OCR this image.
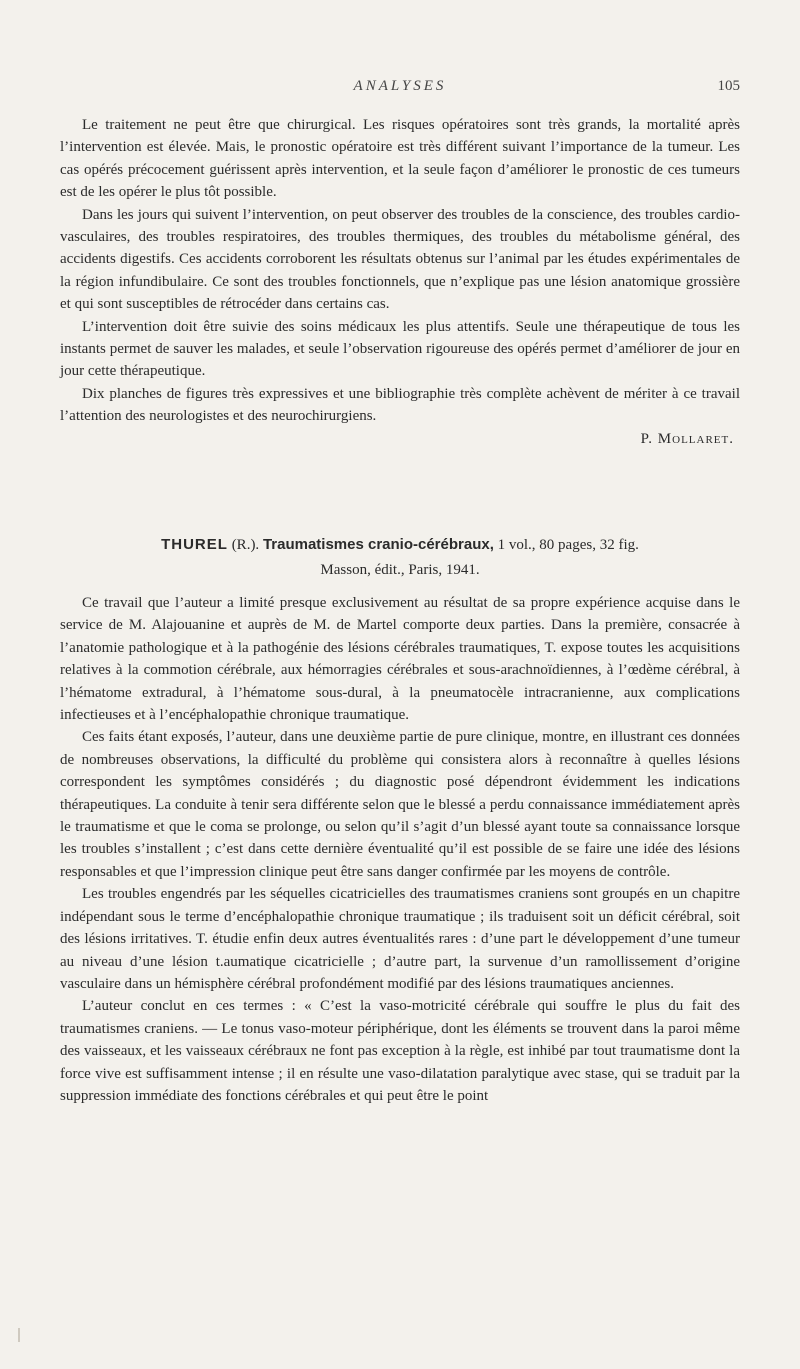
ANALYSES	105

Le traitement ne peut être que chirurgical. Les risques opératoires sont très grands, la mortalité après l’intervention est élevée. Mais, le pronostic opératoire est très différent suivant l’importance de la tumeur. Les cas opérés précocement guérissent après intervention, et la seule façon d’améliorer le pronostic de ces tumeurs est de les opérer le plus tôt possible.

Dans les jours qui suivent l’intervention, on peut observer des troubles de la conscience, des troubles cardio-vasculaires, des troubles respiratoires, des troubles thermiques, des troubles du métabolisme général, des accidents digestifs. Ces accidents corroborent les résultats obtenus sur l’animal par les études expérimentales de la région infundibulaire. Ce sont des troubles fonctionnels, que n’explique pas une lésion anatomique grossière et qui sont susceptibles de rétrocéder dans certains cas.

L’intervention doit être suivie des soins médicaux les plus attentifs. Seule une thérapeutique de tous les instants permet de sauver les malades, et seule l’observation rigoureuse des opérés permet d’améliorer de jour en jour cette thérapeutique.

Dix planches de figures très expressives et une bibliographie très complète achèvent de mériter à ce travail l’attention des neurologistes et des neurochirurgiens.

P. Mollaret.
THUREL (R.). Traumatismes cranio-cérébraux, 1 vol., 80 pages, 32 fig.
Masson, édit., Paris, 1941.

Ce travail que l’auteur a limité presque exclusivement au résultat de sa propre expérience acquise dans le service de M. Alajouanine et auprès de M. de Martel comporte deux parties. Dans la première, consacrée à l’anatomie pathologique et à la pathogénie des lésions cérébrales traumatiques, T. expose toutes les acquisitions relatives à la commotion cérébrale, aux hémorragies cérébrales et sous-arachnoïdiennes, à l’œdème cérébral, à l’hématome extradural, à l’hématome sous-dural, à la pneumatocèle intracranienne, aux complications infectieuses et à l’encéphalopathie chronique traumatique.

Ces faits étant exposés, l’auteur, dans une deuxième partie de pure clinique, montre, en illustrant ces données de nombreuses observations, la difficulté du problème qui consistera alors à reconnaître à quelles lésions correspondent les symptômes considérés ; du diagnostic posé dépendront évidemment les indications thérapeutiques. La conduite à tenir sera différente selon que le blessé a perdu connaissance immédiatement après le traumatisme et que le coma se prolonge, ou selon qu’il s’agit d’un blessé ayant toute sa connaissance lorsque les troubles s’installent ; c’est dans cette dernière éventualité qu’il est possible de se faire une idée des lésions responsables et que l’impression clinique peut être sans danger confirmée par les moyens de contrôle.

Les troubles engendrés par les séquelles cicatricielles des traumatismes craniens sont groupés en un chapitre indépendant sous le terme d’encéphalopathie chronique traumatique ; ils traduisent soit un déficit cérébral, soit des lésions irritatives. T. étudie enfin deux autres éventualités rares : d’une part le développement d’une tumeur au niveau d’une lésion t.aumatique cicatricielle ; d’autre part, la survenue d’un ramollissement d’origine vasculaire dans un hémisphère cérébral profondément modifié par des lésions traumatiques anciennes.

L’auteur conclut en ces termes : « C’est la vaso-motricité cérébrale qui souffre le plus du fait des traumatismes craniens. — Le tonus vaso-moteur périphérique, dont les éléments se trouvent dans la paroi même des vaisseaux, et les vaisseaux cérébraux ne font pas exception à la règle, est inhibé par tout traumatisme dont la force vive est suffisamment intense ; il en résulte une vaso-dilatation paralytique avec stase, qui se traduit par la suppression immédiate des fonctions cérébrales et qui peut être le point
